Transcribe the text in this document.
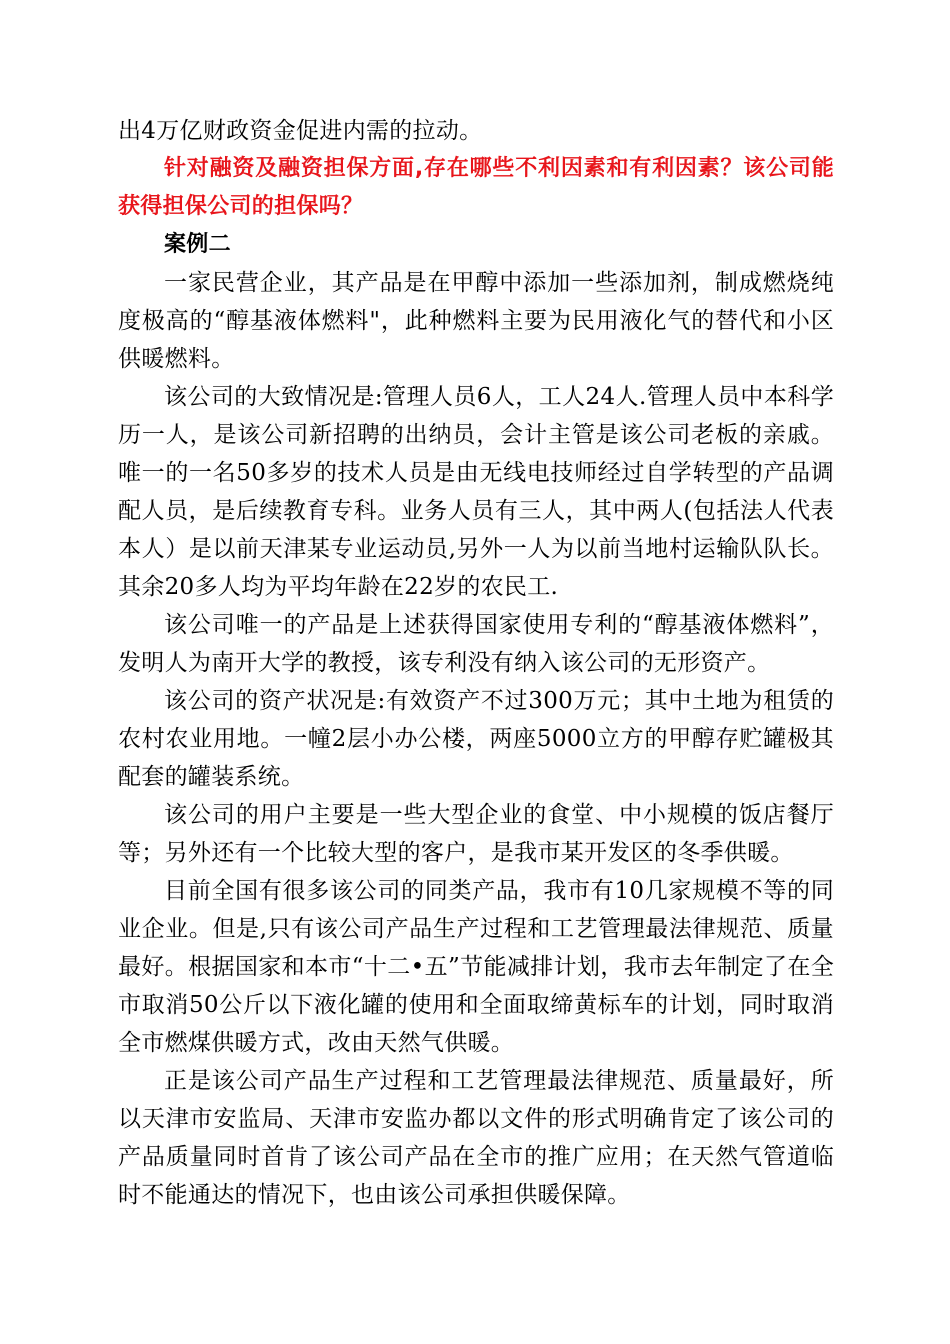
出4万亿财政资金促进内需的拉动。

针对融资及融资担保方面,存在哪些不利因素和有利因素？该公司能获得担保公司的担保吗？

案例二

一家民营企业，其产品是在甲醇中添加一些添加剂，制成燃烧纯度极高的“醇基液体燃料"，此种燃料主要为民用液化气的替代和小区供暖燃料。

该公司的大致情况是:管理人员6人，工人24人.管理人员中本科学历一人，是该公司新招聘的出纳员，会计主管是该公司老板的亲戚。唯一的一名50多岁的技术人员是由无线电技师经过自学转型的产品调配人员，是后续教育专科。业务人员有三人，其中两人(包括法人代表本人）是以前天津某专业运动员,另外一人为以前当地村运输队队长。其余20多人均为平均年龄在22岁的农民工.

该公司唯一的产品是上述获得国家使用专利的“醇基液体燃料”，发明人为南开大学的教授，该专利没有纳入该公司的无形资产。

该公司的资产状况是:有效资产不过300万元；其中土地为租赁的农村农业用地。一幢2层小办公楼，两座5000立方的甲醇存贮罐极其配套的罐装系统。

该公司的用户主要是一些大型企业的食堂、中小规模的饭店餐厅等；另外还有一个比较大型的客户，是我市某开发区的冬季供暖。

目前全国有很多该公司的同类产品，我市有10几家规模不等的同业企业。但是,只有该公司产品生产过程和工艺管理最法律规范、质量最好。根据国家和本市“十二•五”节能减排计划，我市去年制定了在全市取消50公斤以下液化罐的使用和全面取缔黄标车的计划，同时取消全市燃煤供暖方式，改由天然气供暖。

正是该公司产品生产过程和工艺管理最法律规范、质量最好，所以天津市安监局、天津市安监办都以文件的形式明确肯定了该公司的产品质量同时首肯了该公司产品在全市的推广应用；在天然气管道临时不能通达的情况下，也由该公司承担供暖保障。
